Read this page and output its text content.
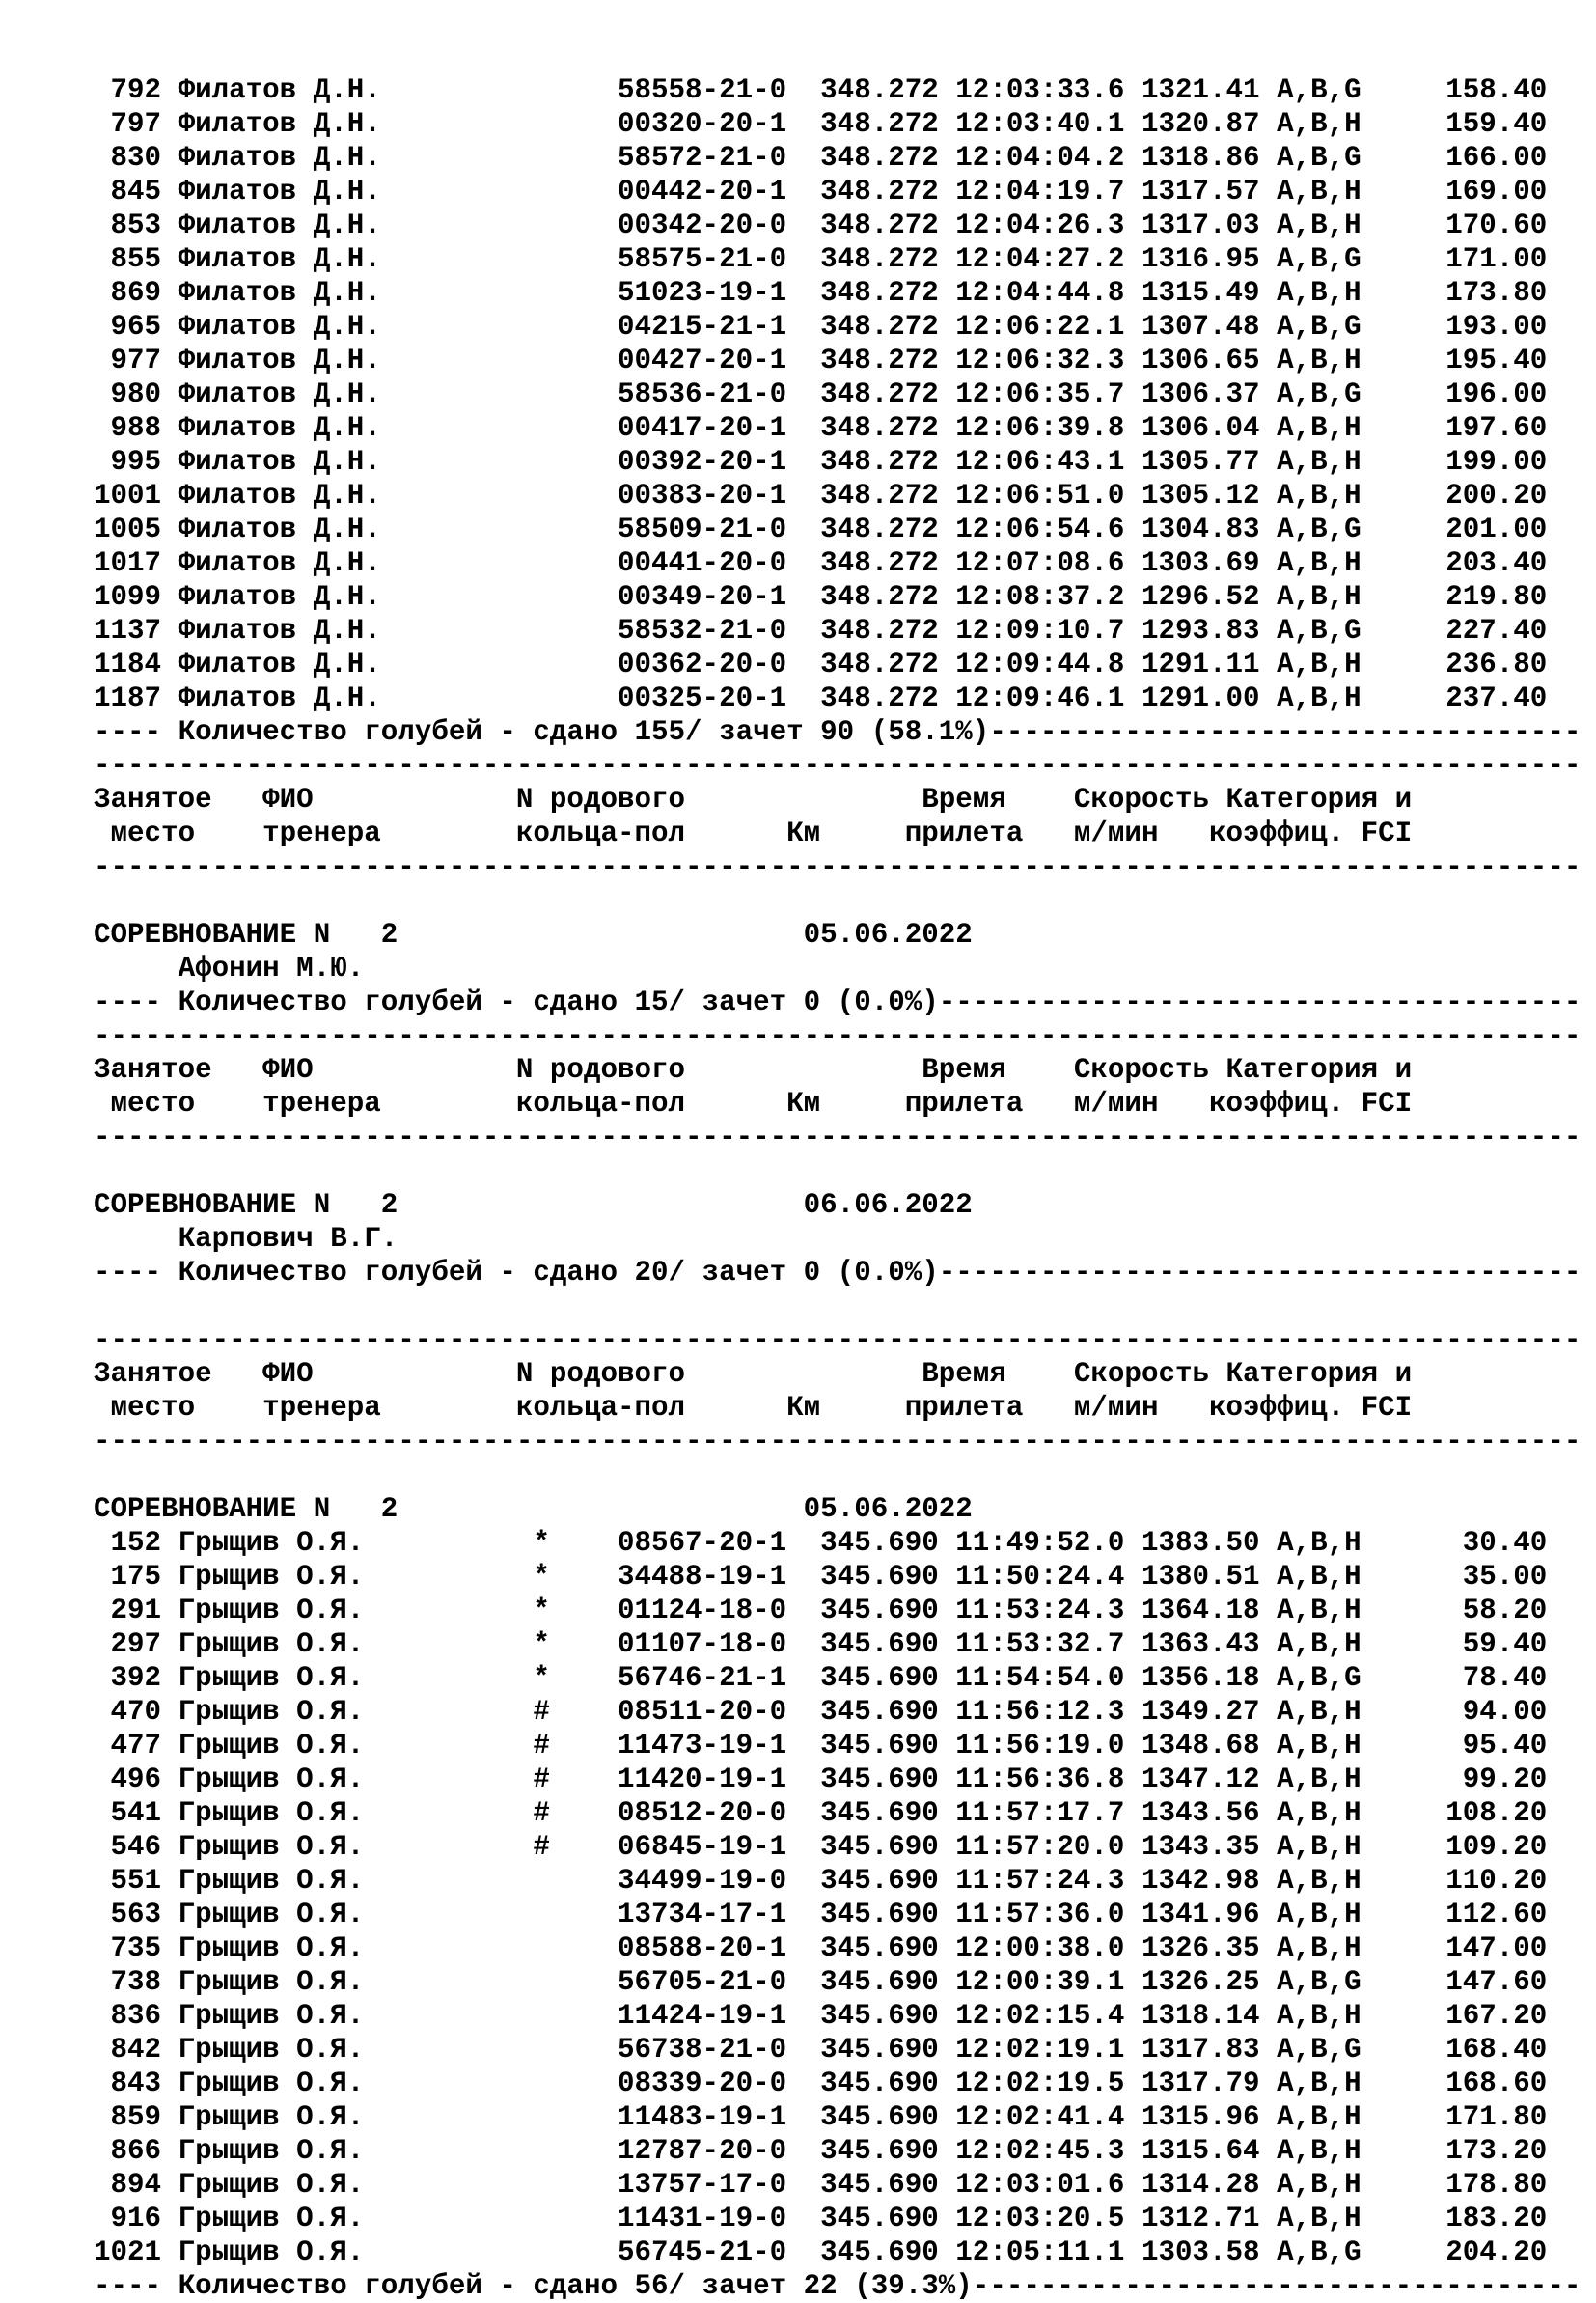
792 Филатов Д.Н.              58558-21-0  348.272 12:03:33.6 1321.41 A,B,G     158.40
797 Филатов Д.Н.              00320-20-1  348.272 12:03:40.1 1320.87 A,B,H     159.40
830 Филатов Д.Н.              58572-21-0  348.272 12:04:04.2 1318.86 A,B,G     166.00
845 Филатов Д.Н.              00442-20-1  348.272 12:04:19.7 1317.57 A,B,H     169.00
853 Филатов Д.Н.              00342-20-0  348.272 12:04:26.3 1317.03 A,B,H     170.60
855 Филатов Д.Н.              58575-21-0  348.272 12:04:27.2 1316.95 A,B,G     171.00
869 Филатов Д.Н.              51023-19-1  348.272 12:04:44.8 1315.49 A,B,H     173.80
965 Филатов Д.Н.              04215-21-1  348.272 12:06:22.1 1307.48 A,B,G     193.00
977 Филатов Д.Н.              00427-20-1  348.272 12:06:32.3 1306.65 A,B,H     195.40
980 Филатов Д.Н.              58536-21-0  348.272 12:06:35.7 1306.37 A,B,G     196.00
988 Филатов Д.Н.              00417-20-1  348.272 12:06:39.8 1306.04 A,B,H     197.60
995 Филатов Д.Н.              00392-20-1  348.272 12:06:43.1 1305.77 A,B,H     199.00
1001 Филатов Д.Н.              00383-20-1  348.272 12:06:51.0 1305.12 A,B,H     200.20
1005 Филатов Д.Н.              58509-21-0  348.272 12:06:54.6 1304.83 A,B,G     201.00
1017 Филатов Д.Н.              00441-20-0  348.272 12:07:08.6 1303.69 A,B,H     203.40
1099 Филатов Д.Н.              00349-20-1  348.272 12:08:37.2 1296.52 A,B,H     219.80
1137 Филатов Д.Н.              58532-21-0  348.272 12:09:10.7 1293.83 A,B,G     227.40
1184 Филатов Д.Н.              00362-20-0  348.272 12:09:44.8 1291.11 A,B,H     236.80
1187 Филатов Д.Н.              00325-20-1  348.272 12:09:46.1 1291.00 A,B,H     237.40
---- Количество голубей - сдано 155/ зачет 90 (58.1%)-----------------------------------
----------------------------------------------------------------------------------------
Занятое   ФИО            N родового              Время    Скорость Категория и
место    тренера        кольца-пол      Км     прилета   м/мин   коэффиц. FCI
----------------------------------------------------------------------------------------
СОРЕВНОВАНИЕ N   2                        05.06.2022
Афонин М.Ю.
---- Количество голубей - сдано 15/ зачет 0 (0.0%)--------------------------------------
----------------------------------------------------------------------------------------
Занятое   ФИО            N родового              Время    Скорость Категория и
место    тренера        кольца-пол      Км     прилета   м/мин   коэффиц. FCI
----------------------------------------------------------------------------------------
СОРЕВНОВАНИЕ N   2                        06.06.2022
Карпович В.Г.
---- Количество голубей - сдано 20/ зачет 0 (0.0%)--------------------------------------
----------------------------------------------------------------------------------------
Занятое   ФИО            N родового              Время    Скорость Категория и
место    тренера        кольца-пол      Км     прилета   м/мин   коэффиц. FCI
----------------------------------------------------------------------------------------
СОРЕВНОВАНИЕ N   2                        05.06.2022
152 Грыщив О.Я.          *    08567-20-1  345.690 11:49:52.0 1383.50 A,B,H      30.40
175 Грыщив О.Я.          *    34488-19-1  345.690 11:50:24.4 1380.51 A,B,H      35.00
291 Грыщив О.Я.          *    01124-18-0  345.690 11:53:24.3 1364.18 A,B,H      58.20
297 Грыщив О.Я.          *    01107-18-0  345.690 11:53:32.7 1363.43 A,B,H      59.40
392 Грыщив О.Я.          *    56746-21-1  345.690 11:54:54.0 1356.18 A,B,G      78.40
470 Грыщив О.Я.          #    08511-20-0  345.690 11:56:12.3 1349.27 A,B,H      94.00
477 Грыщив О.Я.          #    11473-19-1  345.690 11:56:19.0 1348.68 A,B,H      95.40
496 Грыщив О.Я.          #    11420-19-1  345.690 11:56:36.8 1347.12 A,B,H      99.20
541 Грыщив О.Я.          #    08512-20-0  345.690 11:57:17.7 1343.56 A,B,H     108.20
546 Грыщив О.Я.          #    06845-19-1  345.690 11:57:20.0 1343.35 A,B,H     109.20
551 Грыщив О.Я.               34499-19-0  345.690 11:57:24.3 1342.98 A,B,H     110.20
563 Грыщив О.Я.               13734-17-1  345.690 11:57:36.0 1341.96 A,B,H     112.60
735 Грыщив О.Я.               08588-20-1  345.690 12:00:38.0 1326.35 A,B,H     147.00
738 Грыщив О.Я.               56705-21-0  345.690 12:00:39.1 1326.25 A,B,G     147.60
836 Грыщив О.Я.               11424-19-1  345.690 12:02:15.4 1318.14 A,B,H     167.20
842 Грыщив О.Я.               56738-21-0  345.690 12:02:19.1 1317.83 A,B,G     168.40
843 Грыщив О.Я.               08339-20-0  345.690 12:02:19.5 1317.79 A,B,H     168.60
859 Грыщив О.Я.               11483-19-1  345.690 12:02:41.4 1315.96 A,B,H     171.80
866 Грыщив О.Я.               12787-20-0  345.690 12:02:45.3 1315.64 A,B,H     173.20
894 Грыщив О.Я.               13757-17-0  345.690 12:03:01.6 1314.28 A,B,H     178.80
916 Грыщив О.Я.               11431-19-0  345.690 12:03:20.5 1312.71 A,B,H     183.20
1021 Грыщив О.Я.               56745-21-0  345.690 12:05:11.1 1303.58 A,B,G     204.20
---- Количество голубей - сдано 56/ зачет 22 (39.3%)------------------------------------
